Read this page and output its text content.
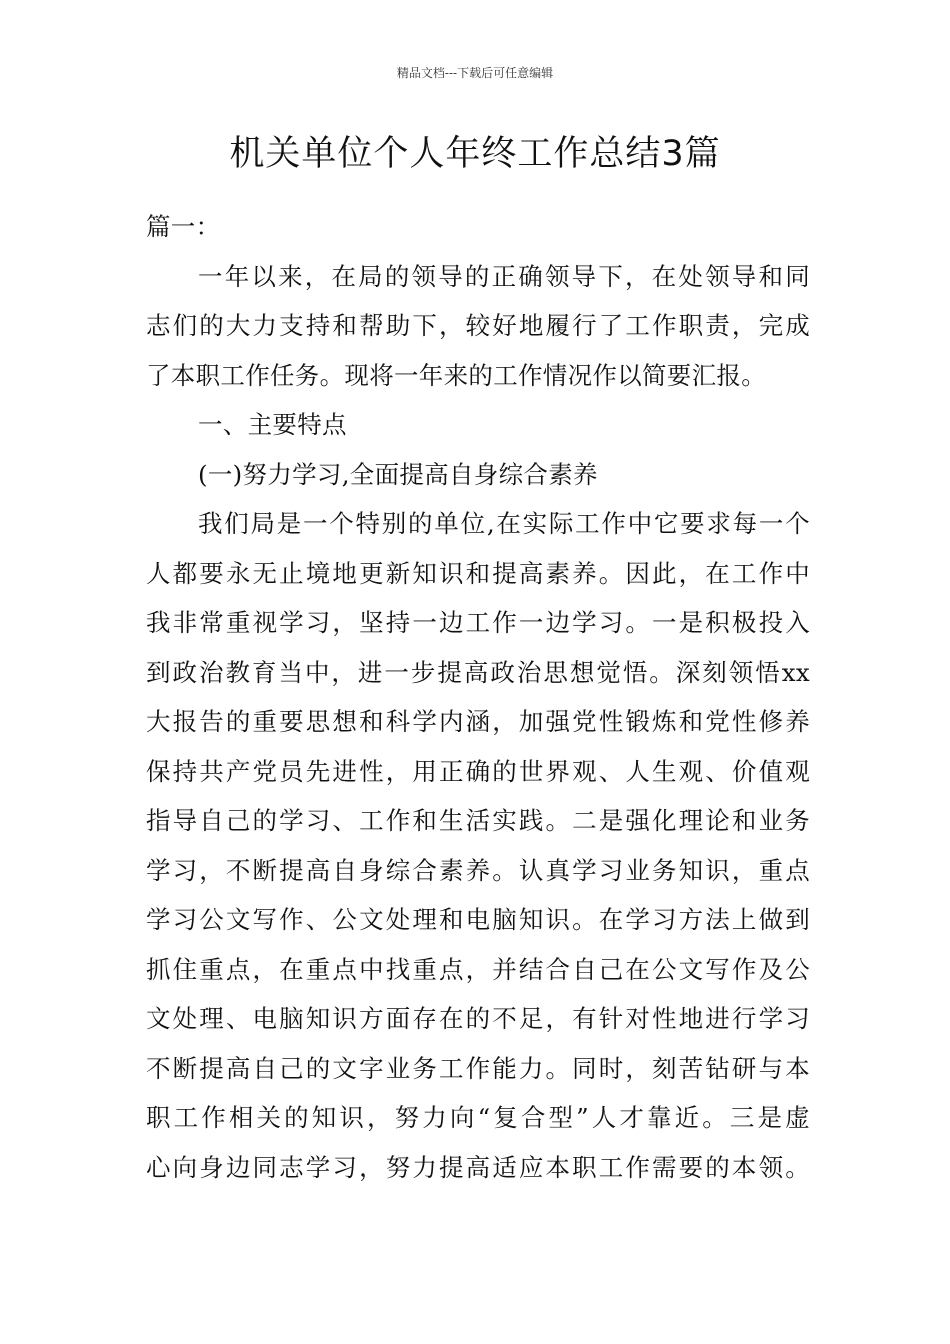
精品文档---下载后可任意编辑
机关单位个人年终工作总结3篇
篇一：
一年以来，在局的领导的正确领导下，在处领导和同
志们的大力支持和帮助下，较好地履行了工作职责，完成
了本职工作任务。现将一年来的工作情况作以简要汇报。
一、主要特点
(一)努力学习,全面提高自身综合素养
我们局是一个特别的单位,在实际工作中它要求每一个
人都要永无止境地更新知识和提高素养。因此，在工作中
我非常重视学习，坚持一边工作一边学习。一是积极投入
到政治教育当中，进一步提高政治思想觉悟。深刻领悟xx
大报告的重要思想和科学内涵，加强党性锻炼和党性修养
保持共产党员先进性，用正确的世界观、人生观、价值观
指导自己的学习、工作和生活实践。二是强化理论和业务
学习，不断提高自身综合素养。认真学习业务知识，重点
学习公文写作、公文处理和电脑知识。在学习方法上做到
抓住重点，在重点中找重点，并结合自己在公文写作及公
文处理、电脑知识方面存在的不足，有针对性地进行学习
不断提高自己的文字业务工作能力。同时，刻苦钻研与本
职工作相关的知识，努力向“复合型”人才靠近。三是虚
心向身边同志学习，努力提高适应本职工作需要的本领。
